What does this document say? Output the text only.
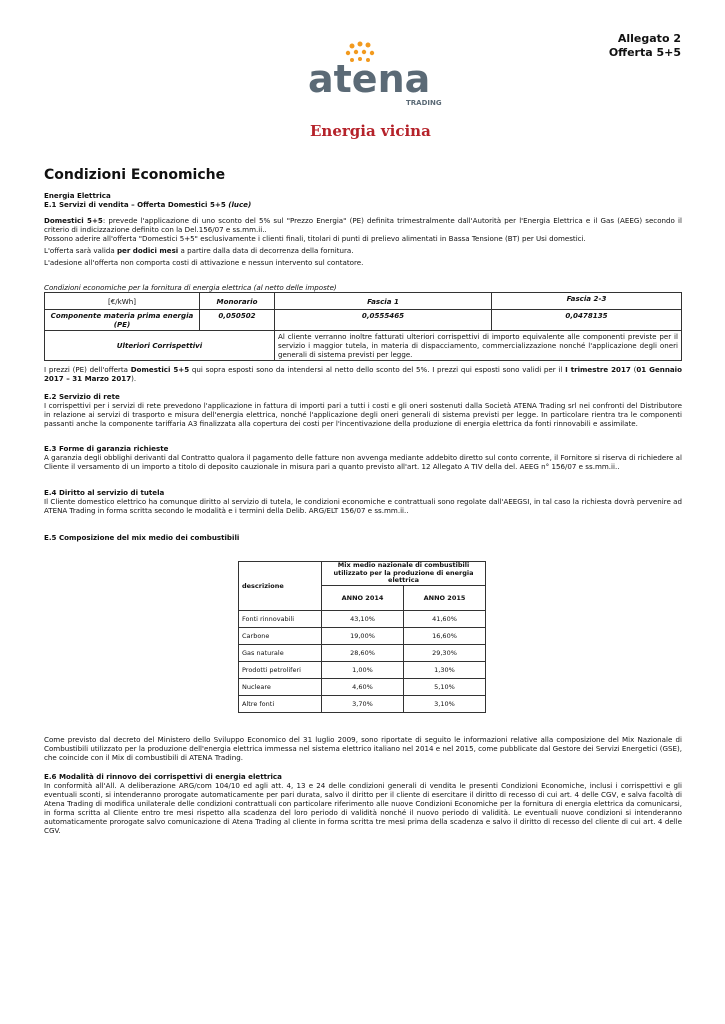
Allegato 2
Offerta 5+5
atena
TRADING
Energia vicina
Condizioni Economiche
Energia Elettrica
E.1 Servizi di vendita – Offerta Domestici 5+5 (luce)
Domestici 5+5: prevede l'applicazione di uno sconto del 5% sul "Prezzo Energia" (PE) definita trimestralmente dall'Autorità per l'Energia Elettrica e il Gas (AEEG) secondo il criterio di indicizzazione definito con la Del.156/07 e ss.mm.ii..
Possono aderire all'offerta "Domestici 5+5" esclusivamente i clienti finali, titolari di punti di prelievo alimentati in Bassa Tensione (BT) per Usi domestici.
L'offerta sarà valida per dodici mesi a partire dalla data di decorrenza della fornitura.
L'adesione all'offerta non comporta costi di attivazione e nessun intervento sul contatore.
Condizioni economiche per la fornitura di energia elettrica (al netto delle imposte)
[€/kWh]	Monorario	Fascia 1	Fascia 2-3
Componente materia prima energia (PE)	0,050502	0,0555465	0,0478135
Ulteriori Corrispettivi		Al cliente verranno inoltre fatturati ulteriori corrispettivi di importo equivalente alle componenti previste per il servizio i maggior tutela, in materia di dispacciamento, commercializzazione nonché l'applicazione degli oneri generali di sistema previsti per legge.	
I prezzi (PE) dell'offerta Domestici 5+5 qui sopra esposti sono da intendersi al netto dello sconto del 5%. I prezzi qui esposti sono validi per il I trimestre 2017 (01 Gennaio 2017 – 31 Marzo 2017).
E.2 Servizio di rete
I corrispettivi per i servizi di rete prevedono l'applicazione in fattura di importi pari a tutti i costi e gli oneri sostenuti dalla Società ATENA Trading srl nei confronti del Distributore in relazione ai servizi di trasporto e misura dell'energia elettrica, nonché l'applicazione degli oneri generali di sistema previsti per legge. In particolare rientra tra le componenti passanti anche la componente tariffaria A3 finalizzata alla copertura dei costi per l'incentivazione della produzione di energia elettrica da fonti rinnovabili e assimilate.
E.3 Forme di garanzia richieste
A garanzia degli obblighi derivanti dal Contratto qualora il pagamento delle fatture non avvenga mediante addebito diretto sul conto corrente, il Fornitore si riserva di richiedere al Cliente il versamento di un importo a titolo di deposito cauzionale in misura pari a quanto previsto all'art. 12 Allegato A TIV della del. AEEG n° 156/07 e ss.mm.ii..
E.4 Diritto al servizio di tutela
Il Cliente domestico elettrico ha comunque diritto al servizio di tutela, le condizioni economiche e contrattuali sono regolate dall'AEEGSI, in tal caso la richiesta dovrà pervenire ad ATENA Trading in forma scritta secondo le modalità e i termini della Delib. ARG/ELT 156/07 e ss.mm.ii..
E.5 Composizione del mix medio dei combustibili
descrizione	Mix medio nazionale di combustibili utilizzato per la produzione di energia elettrica	
	ANNO 2014	ANNO 2015
Fonti rinnovabili	43,10%	41,60%
Carbone	19,00%	16,60%
Gas naturale	28,60%	29,30%
Prodotti petroliferi	1,00%	1,30%
Nucleare	4,60%	5,10%
Altre fonti	3,70%	3,10%
Come previsto dal decreto del Ministero dello Sviluppo Economico del 31 luglio 2009, sono riportate di seguito le informazioni relative alla composizione del Mix Nazionale di Combustibili utilizzato per la produzione dell'energia elettrica immessa nel sistema elettrico italiano nel 2014 e nel 2015, come pubblicate dal Gestore dei Servizi Energetici (GSE), che coincide con il Mix di combustibili di ATENA Trading.
E.6 Modalità di rinnovo dei corrispettivi di energia elettrica
In conformità all'All. A deliberazione ARG/com 104/10 ed agli att. 4, 13 e 24 delle condizioni generali di vendita le presenti Condizioni Economiche, inclusi i corrispettivi e gli eventuali sconti, si intenderanno prorogate automaticamente per pari durata, salvo il diritto per il cliente di esercitare il diritto di recesso di cui art. 4 delle CGV, e salva facoltà di Atena Trading di modifica unilaterale delle condizioni contrattuali con particolare riferimento alle nuove Condizioni Economiche per la fornitura di energia elettrica da comunicarsi, in forma scritta al Cliente entro tre mesi rispetto alla scadenza del loro periodo di validità nonché il nuovo periodo di validità. Le eventuali nuove condizioni si intenderanno automaticamente prorogate salvo comunicazione di Atena Trading al cliente in forma scritta tre mesi prima della scadenza e salvo il diritto di recesso del cliente di cui art. 4 delle CGV.
